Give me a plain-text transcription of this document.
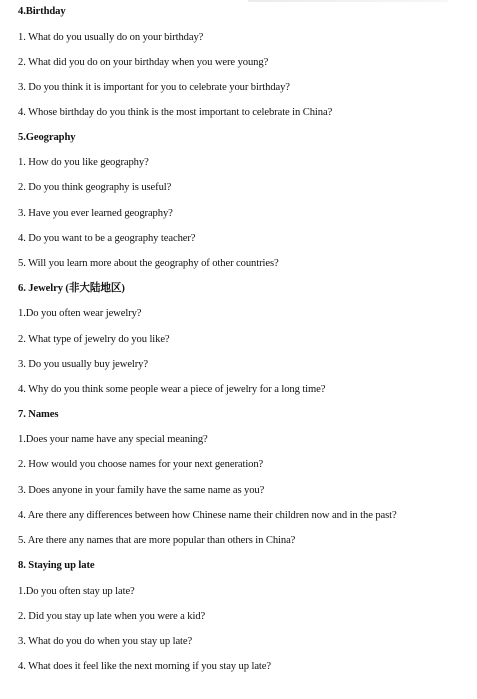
4.Birthday
1. What do you usually do on your birthday?
2. What did you do on your birthday when you were young?
3. Do you think it is important for you to celebrate your birthday?
4. Whose birthday do you think is the most important to celebrate in China?
5.Geography
1. How do you like geography?
2. Do you think geography is useful?
3. Have you ever learned geography?
4. Do you want to be a geography teacher?
5. Will you learn more about the geography of other countries?
6. Jewelry (非大陆地区)
1.Do you often wear jewelry?
2. What type of jewelry do you like?
3. Do you usually buy jewelry?
4. Why do you think some people wear a piece of jewelry for a long time?
7. Names
1.Does your name have any special meaning?
2. How would you choose names for your next generation?
3. Does anyone in your family have the same name as you?
4. Are there any differences between how Chinese name their children now and in the past?
5. Are there any names that are more popular than others in China?
8. Staying up late
1.Do you often stay up late?
2. Did you stay up late when you were a kid?
3. What do you do when you stay up late?
4. What does it feel like the next morning if you stay up late?
